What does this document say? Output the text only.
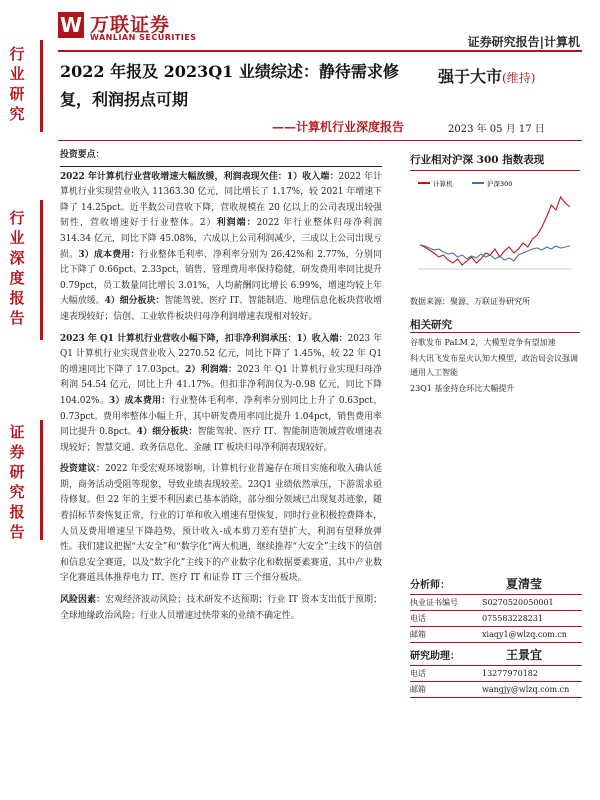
W 万联证券
WANLIAN SECURITIES	证券研究报告|计算机
行业研究
行业深度报告
证券研究报告
2022 年报及 2023Q1 业绩综述：静待需求修复，利润拐点可期
——计算机行业深度报告
强于大市(维持)
2023 年 05 月 17 日

投资要点：

2022 年计算机行业营收增速大幅放缓，利润表现欠佳：1）收入端：2022 年计算机行业实现营业收入 11363.30 亿元，同比增长了 1.17%，较 2021 年增速下降了 14.25pct。近半数公司营收下降，营收规模在 20 亿以上的公司表现出较强韧性，营收增速好于行业整体。2）利润端：2022 年行业整体归母净利润 314.34 亿元，同比下降 45.08%，六成以上公司利润减少，三成以上公司出现亏损。3）成本费用：行业整体毛利率、净利率分别为 26.42%和 2.77%，分别同比下降了 0.66pct、2.33pct，销售、管理费用率保持稳健，研发费用率同比提升 0.79pct，员工数量同比增长 3.01%，人均薪酬同比增长 6.99%，增速均较上年大幅放缓。4）细分板块：智能驾驶、医疗 IT、智能制造、地理信息化板块营收增速表现较好；信创、工业软件板块归母净利润增速表现相对较好。

2023 年 Q1 计算机行业营收小幅下降，扣非净利润承压：1）收入端：2023 年 Q1 计算机行业实现营业收入 2270.52 亿元，同比下降了 1.45%，较 22 年 Q1 的增速同比下降了 17.03pct。2）利润端：2023 年 Q1 计算机行业实现归母净利润 54.54 亿元，同比上升 41.17%。但扣非净利润仅为-0.98 亿元，同比下降 104.02%。3）成本费用：行业整体毛利率、净利率分别同比上升了 0.63pct、0.73pct。费用率整体小幅上升，其中研发费用率同比提升 1.04pct，销售费用率同比提升 0.8pct。4）细分板块：智能驾驶、医疗 IT、智能制造领域营收增速表现较好；智慧交通、政务信息化、金融 IT 板块归母净利润表现较好。

投资建议：2022 年受宏观环境影响，计算机行业普遍存在项目实施和收入确认延期，商务活动受阻等现象，导致业绩表现较差。23Q1 业绩依然承压，下游需求亟待修复。但 22 年的主要不利因素已基本消除，部分细分领域已出现复苏迹象，随着招标节奏恢复正常，行业的订单和收入增速有望恢复，同时行业积极控费降本，人员及费用增速呈下降趋势，预计收入-成本剪刀差有望扩大，利润有望释放弹性。我们建议把握“大安全”和“数字化”两大机遇，继续推荐“大安全”主线下的信创和信息安全赛道，以及“数字化”主线下的产业数字化和数据要素赛道，其中产业数字化赛道具体推荐电力 IT、医疗 IT 和证券 IT 三个细分板块。

风险因素：宏观经济波动风险；技术研发不达预期；行业 IT 资本支出低于预期；全球地缘政治风险；行业人员增速过快带来的业绩不确定性。

行业相对沪深 300 指数表现
计算机	沪深300
数据来源：聚源、万联证券研究所
相关研究
谷歌发布 PaLM 2，大模型竞争有望加速
科大讯飞发布星火认知大模型，政治局会议强调通用人工智能
23Q1 基金持仓环比大幅提升
分析师：	夏清莹
执业证书编号	S0270520050001
电话	075583228231
邮箱	xiaqy1@wlzq.com.cn
研究助理：	王景宜
电话	13277970182
邮箱	wangjy@wlzq.com.cn
